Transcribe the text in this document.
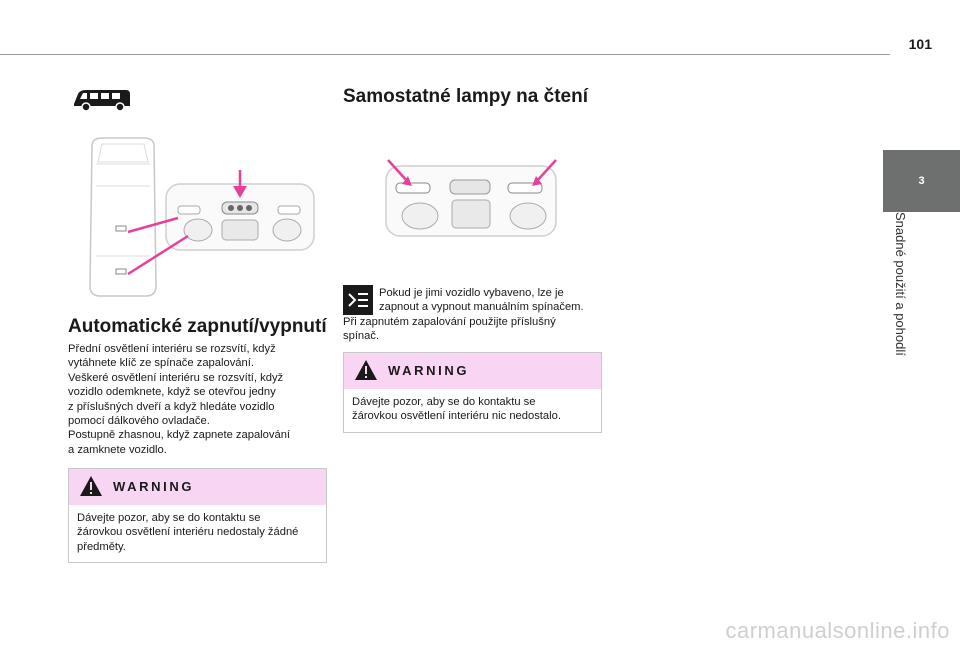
101
3
Snadné použití a pohodlí
Automatické zapnutí/vypnutí
Přední osvětlení interiéru se rozsvítí, když
vytáhnete klíč ze spínače zapalování.
Veškeré osvětlení interiéru se rozsvítí, když
vozidlo odemknete, když se otevřou jedny
z příslušných dveří a když hledáte vozidlo
pomocí dálkového ovladače.
Postupně zhasnou, když zapnete zapalování
a zamknete vozidlo.
WARNING
Dávejte pozor, aby se do kontaktu se
žárovkou osvětlení interiéru nedostaly žádné
předměty.
Samostatné lampy na čtení
Pokud je jimi vozidlo vybaveno, lze je
zapnout a vypnout manuálním spínačem.
Při zapnutém zapalování použijte příslušný
spínač.
WARNING
Dávejte pozor, aby se do kontaktu se
žárovkou osvětlení interiéru nic nedostalo.
carmanualsonline.info
